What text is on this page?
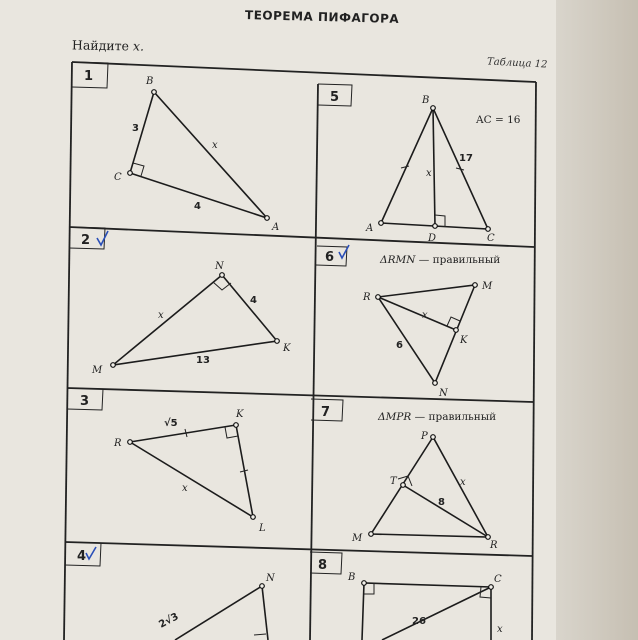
ТЕОРЕМА ПИФАГОРА
Найдите x.
Таблица 12
1
5
2
6
3
7
4
8
B
C
A
3
4
x
B
A
D	C
17
x
AC = 16
N
M
K
x
4
13
R
M
N
K
6
x
ΔRMN — правильный
R
K
L
√5
x
P
T
M
R
x
8
ΔMPR — правильный
N
2√3
B	C
26
x
